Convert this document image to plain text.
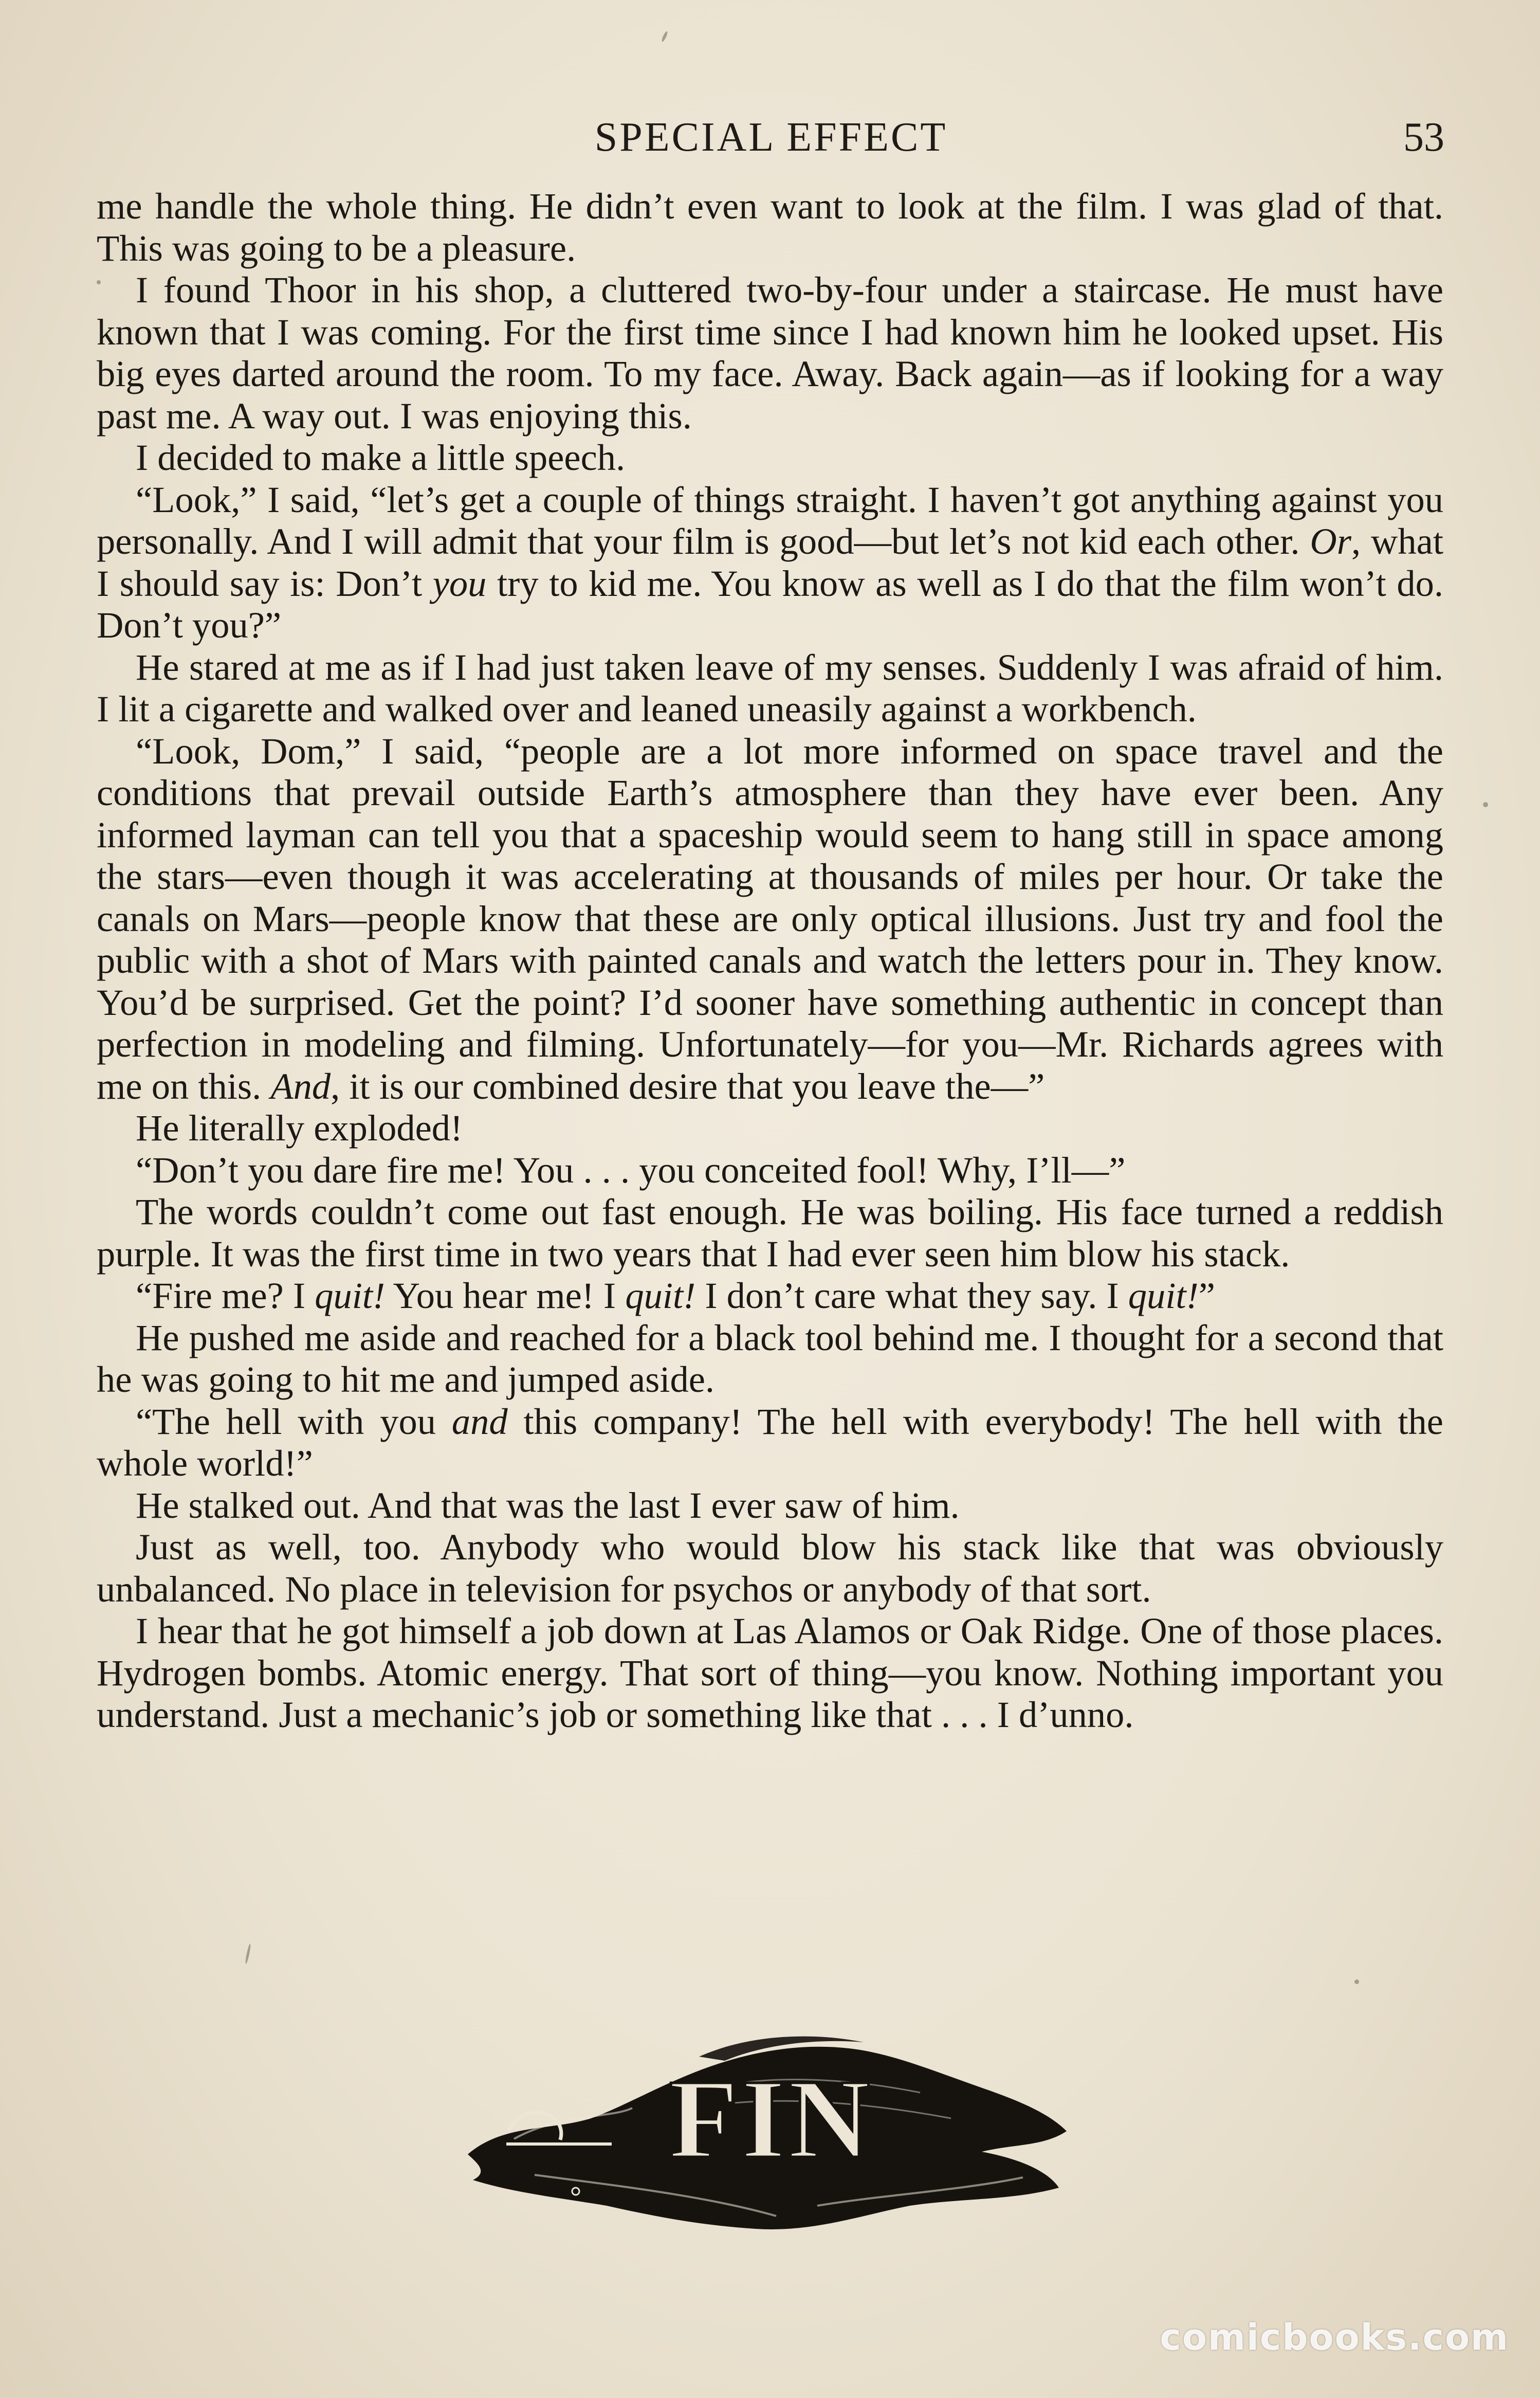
SPECIAL EFFECT	53

me handle the whole thing. He didn’t even want to look at the film. I was glad of that. This was going to be a pleasure.

I found Thoor in his shop, a cluttered two-by-four under a staircase. He must have known that I was coming. For the first time since I had known him he looked upset. His big eyes darted around the room. To my face. Away. Back again—as if looking for a way past me. A way out. I was enjoying this.

I decided to make a little speech.

“Look,” I said, “let’s get a couple of things straight. I haven’t got anything against you personally. And I will admit that your film is good—but let’s not kid each other. Or, what I should say is: Don’t you try to kid me. You know as well as I do that the film won’t do. Don’t you?”

He stared at me as if I had just taken leave of my senses. Suddenly I was afraid of him. I lit a cigarette and walked over and leaned uneasily against a workbench.

“Look, Dom,” I said, “people are a lot more informed on space travel and the conditions that prevail outside Earth’s atmosphere than they have ever been. Any informed layman can tell you that a spaceship would seem to hang still in space among the stars—even though it was accelerating at thousands of miles per hour. Or take the canals on Mars—people know that these are only optical illusions. Just try and fool the public with a shot of Mars with painted canals and watch the letters pour in. They know. You’d be surprised. Get the point? I’d sooner have something authentic in concept than perfection in modeling and filming. Unfortunately—for you—Mr. Richards agrees with me on this. And, it is our combined desire that you leave the—”

He literally exploded!

“Don’t you dare fire me! You . . . you conceited fool! Why, I’ll—”

The words couldn’t come out fast enough. He was boiling. His face turned a reddish purple. It was the first time in two years that I had ever seen him blow his stack.

“Fire me? I quit! You hear me! I quit! I don’t care what they say. I quit!”

He pushed me aside and reached for a black tool behind me. I thought for a second that he was going to hit me and jumped aside.

“The hell with you and this company! The hell with everybody! The hell with the whole world!”

He stalked out. And that was the last I ever saw of him.

Just as well, too. Anybody who would blow his stack like that was obviously unbalanced. No place in television for psychos or anybody of that sort.

I hear that he got himself a job down at Las Alamos or Oak Ridge. One of those places. Hydrogen bombs. Atomic energy. That sort of thing—you know. Nothing important you understand. Just a mechanic’s job or something like that . . . I d’unno.

FIN
comicbooks.com
